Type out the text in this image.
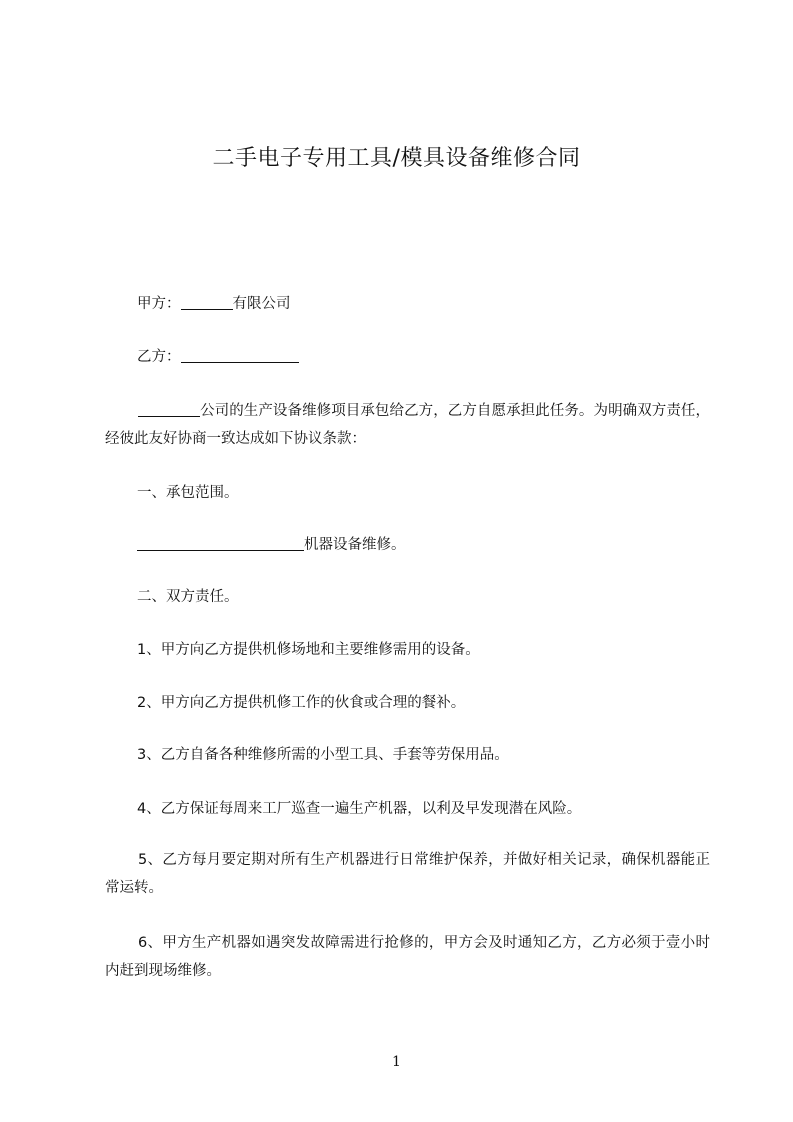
二手电子专用工具/模具设备维修合同
甲方：	有限公司
乙方：
公司的生产设备维修项目承包给乙方，乙方自愿承担此任务。为明确双方责任，经彼此友好协商一致达成如下协议条款：
一、承包范围。
机器设备维修。
二、双方责任。
1、甲方向乙方提供机修场地和主要维修需用的设备。
2、甲方向乙方提供机修工作的伙食或合理的餐补。
3、乙方自备各种维修所需的小型工具、手套等劳保用品。
4、乙方保证每周来工厂巡查一遍生产机器，以利及早发现潜在风险。
5、乙方每月要定期对所有生产机器进行日常维护保养，并做好相关记录，确保机器能正常运转。
6、甲方生产机器如遇突发故障需进行抢修的，甲方会及时通知乙方，乙方必须于壹小时内赶到现场维修。
1
